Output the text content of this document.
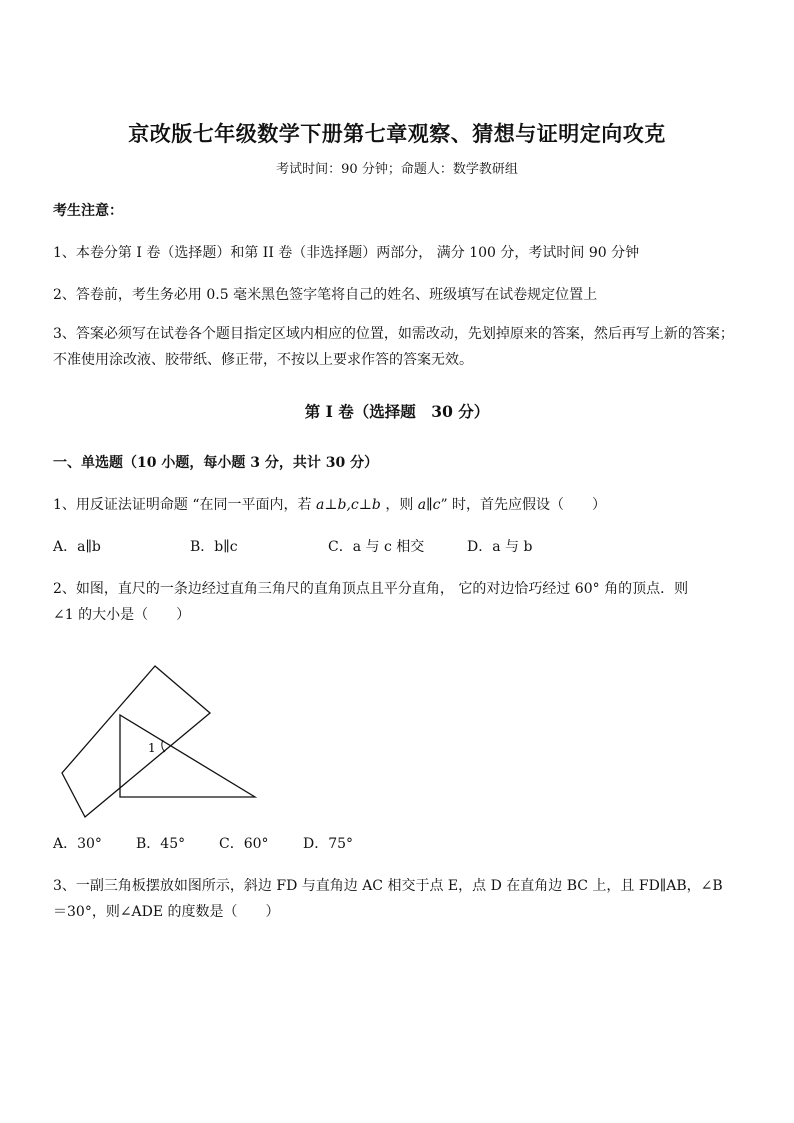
京改版七年级数学下册第七章观察、猜想与证明定向攻克
考试时间：90 分钟；命题人：数学教研组
考生注意：
1、本卷分第 I 卷（选择题）和第 II 卷（非选择题）两部分， 满分 100 分，考试时间 90 分钟
2、答卷前，考生务必用 0.5 毫米黑色签字笔将自己的姓名、班级填写在试卷规定位置上
3、答案必须写在试卷各个题目指定区域内相应的位置，如需改动，先划掉原来的答案，然后再写上新的答案；不准使用涂改液、胶带纸、修正带，不按以上要求作答的答案无效。
第 I 卷（选择题　30 分）
一、单选题（10 小题，每小题 3 分，共计 30 分）
1、用反证法证明命题 “在同一平面内，若 a⊥b,c⊥b ，则 a∥c” 时，首先应假设（　　）
A．a∥b	B．b∥c	C．a 与 c 相交	D．a 与 b
2、如图，直尺的一条边经过直角三角尺的直角顶点且平分直角， 它的对边恰巧经过 60° 角的顶点．则
∠1 的大小是（　　）
1
A．30° B．45° C．60° D．75°
3、一副三角板摆放如图所示，斜边 FD 与直角边 AC 相交于点 E，点 D 在直角边 BC 上，且 FD∥AB，∠B
＝30°，则∠ADE 的度数是（　　）
